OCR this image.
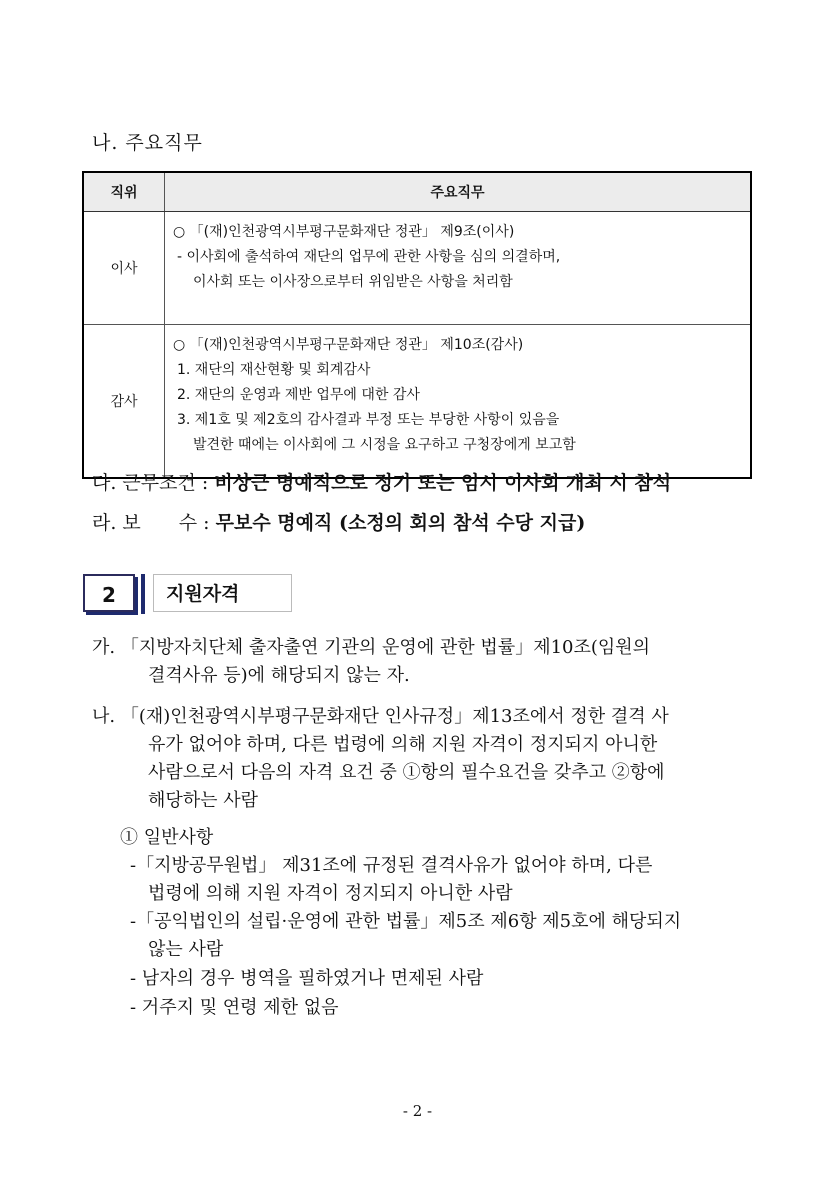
나. 주요직무
직위	주요직무
이사	○ 「(재)인천광역시부평구문화재단 정관」 제9조(이사)
- 이사회에 출석하여 재단의 업무에 관한 사항을 심의 의결하며,
이사회 또는 이사장으로부터 위임받은 사항을 처리함

감사	○ 「(재)인천광역시부평구문화재단 정관」 제10조(감사)
1. 재단의 재산현황 및 회계감사
2. 재단의 운영과 제반 업무에 대한 감사
3. 제1호 및 제2호의 감사결과 부정 또는 부당한 사항이 있음을
발견한 때에는 이사회에 그 시정을 요구하고 구청장에게 보고함
다. 근무조건 : 비상근 명예직으로 정기 또는 임시 이사회 개최 시 참석
라. 보　　수 : 무보수 명예직 (소정의 회의 참석 수당 지급)
2	지원자격
가. 「지방자치단체 출자출연 기관의 운영에 관한 법률」제10조(임원의
결격사유 등)에 해당되지 않는 자.
나. 「(재)인천광역시부평구문화재단 인사규정」제13조에서 정한 결격 사
유가 없어야 하며, 다른 법령에 의해 지원 자격이 정지되지 아니한
사람으로서 다음의 자격 요건 중 ①항의 필수요건을 갖추고 ②항에
해당하는 사람
① 일반사항
-「지방공무원법」 제31조에 규정된 결격사유가 없어야 하며, 다른
법령에 의해 지원 자격이 정지되지 아니한 사람
-「공익법인의 설립·운영에 관한 법률」제5조 제6항 제5호에 해당되지
않는 사람
- 남자의 경우 병역을 필하였거나 면제된 사람
- 거주지 및 연령 제한 없음
- 2 -
